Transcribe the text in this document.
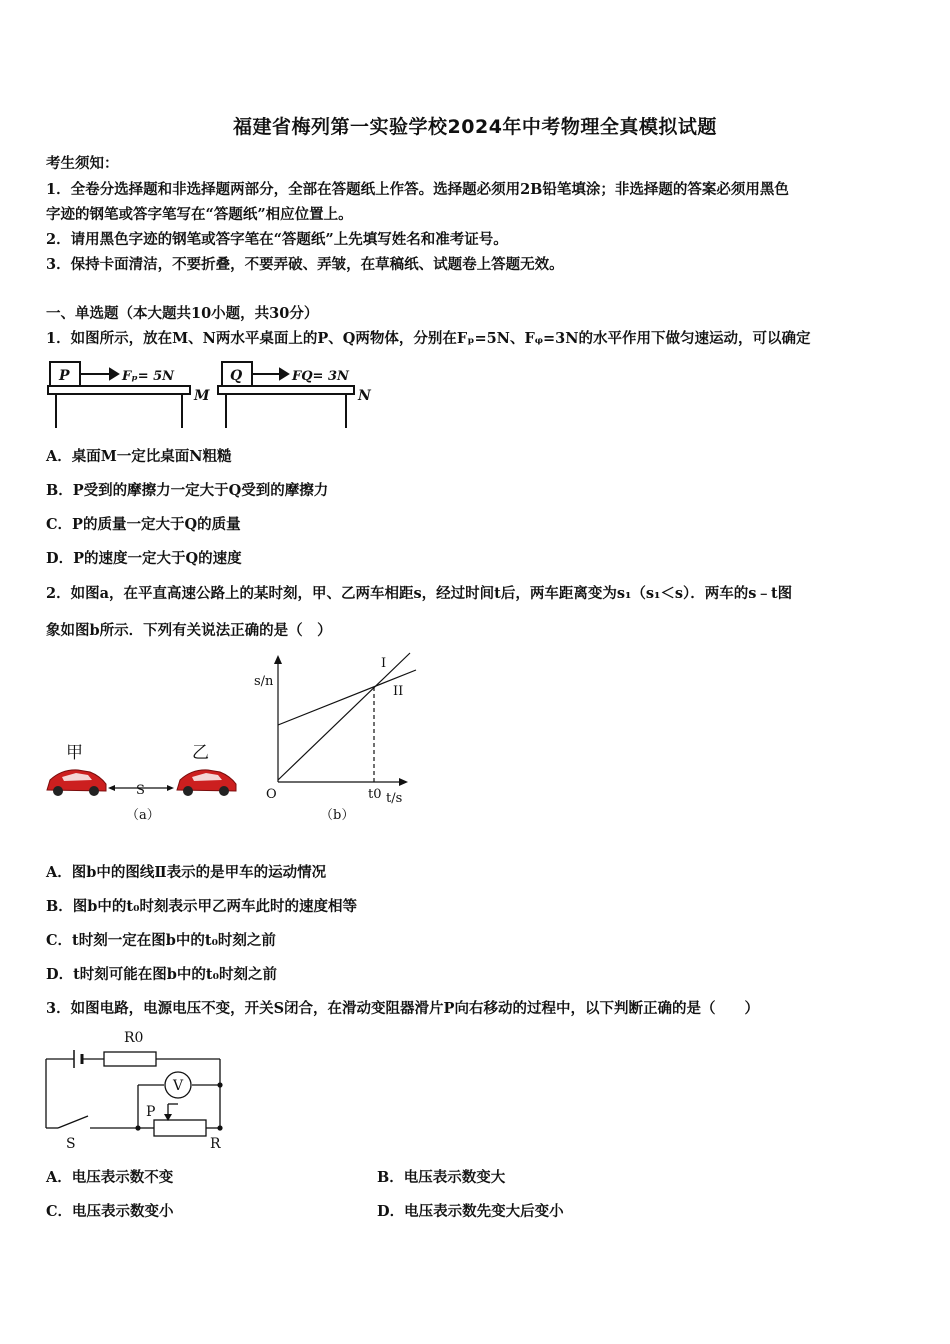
福建省梅列第一实验学校2024年中考物理全真模拟试题
考生须知：
1．全卷分选择题和非选择题两部分，全部在答题纸上作答。选择题必须用2B铅笔填涂；非选择题的答案必须用黑色
字迹的钢笔或答字笔写在“答题纸”相应位置上。
2．请用黑色字迹的钢笔或答字笔在“答题纸”上先填写姓名和准考证号。
3．保持卡面清洁，不要折叠，不要弄破、弄皱，在草稿纸、试题卷上答题无效。
一、单选题（本大题共10小题，共30分）
1．如图所示，放在M、N两水平桌面上的P、Q两物体，分别在Fₚ=5N、Fᵩ=3N的水平作用下做匀速运动，可以确定
P	Fₚ= 5N
M
Q	FQ= 3N
N
A．桌面M一定比桌面N粗糙
B．P受到的摩擦力一定大于Q受到的摩擦力
C．P的质量一定大于Q的质量
D．P的速度一定大于Q的速度
2．如图a，在平直高速公路上的某时刻，甲、乙两车相距s，经过时间t后，两车距离变为s₁（s₁＜s）．两车的s﹣t图
象如图b所示．下列有关说法正确的是（　）
甲	乙
S
（a）
s/n
t/s
O	t0
I
II
（b）
A．图b中的图线Ⅱ表示的是甲车的运动情况
B．图b中的t₀时刻表示甲乙两车此时的速度相等
C．t时刻一定在图b中的t₀时刻之前
D．t时刻可能在图b中的t₀时刻之前
3．如图电路，电源电压不变，开关S闭合，在滑动变阻器滑片P向右移动的过程中，以下判断正确的是（　　）
R0
V
P
R
S
A．电压表示数不变	B．电压表示数变大
C．电压表示数变小	D．电压表示数先变大后变小
